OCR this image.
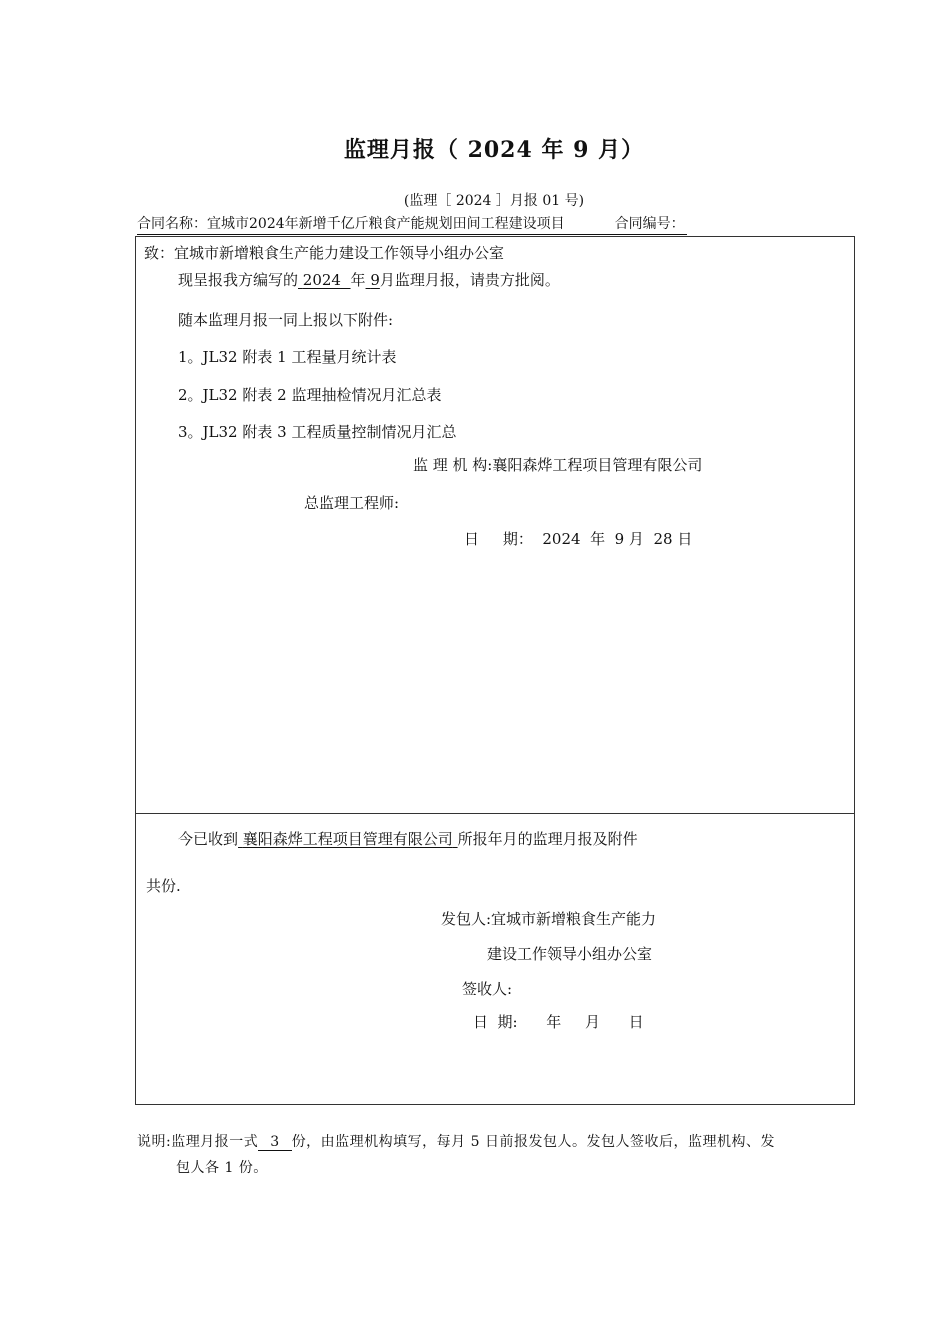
监理月报（ 2024 年 9 月）
(监理［ 2024 ］月报 01 号)
合同名称：宜城市2024年新增千亿斤粮食产能规划田间工程建设项目	合同编号：
致：宜城市新增粮食生产能力建设工作领导小组办公室
现呈报我方编写的 2024 年 9月监理月报，请贵方批阅。
随本监理月报一同上报以下附件:
1。JL32 附表 1 工程量月统计表
2。JL32 附表 2 监理抽检情况月汇总表
3。JL32 附表 3 工程质量控制情况月汇总
监 理 机 构:襄阳森烨工程项目管理有限公司
总监理工程师:
日     期：  2024  年  9 月  28 日
今已收到 襄阳森烨工程项目管理有限公司 所报年月的监理月报及附件
共份.
发包人:宜城市新增粮食生产能力
建设工作领导小组办公室
签收人:
日  期:      年     月      日
说明:监理月报一式 3 份，由监理机构填写，每月 5 日前报发包人。发包人签收后，监理机构、发
包人各 1 份。
